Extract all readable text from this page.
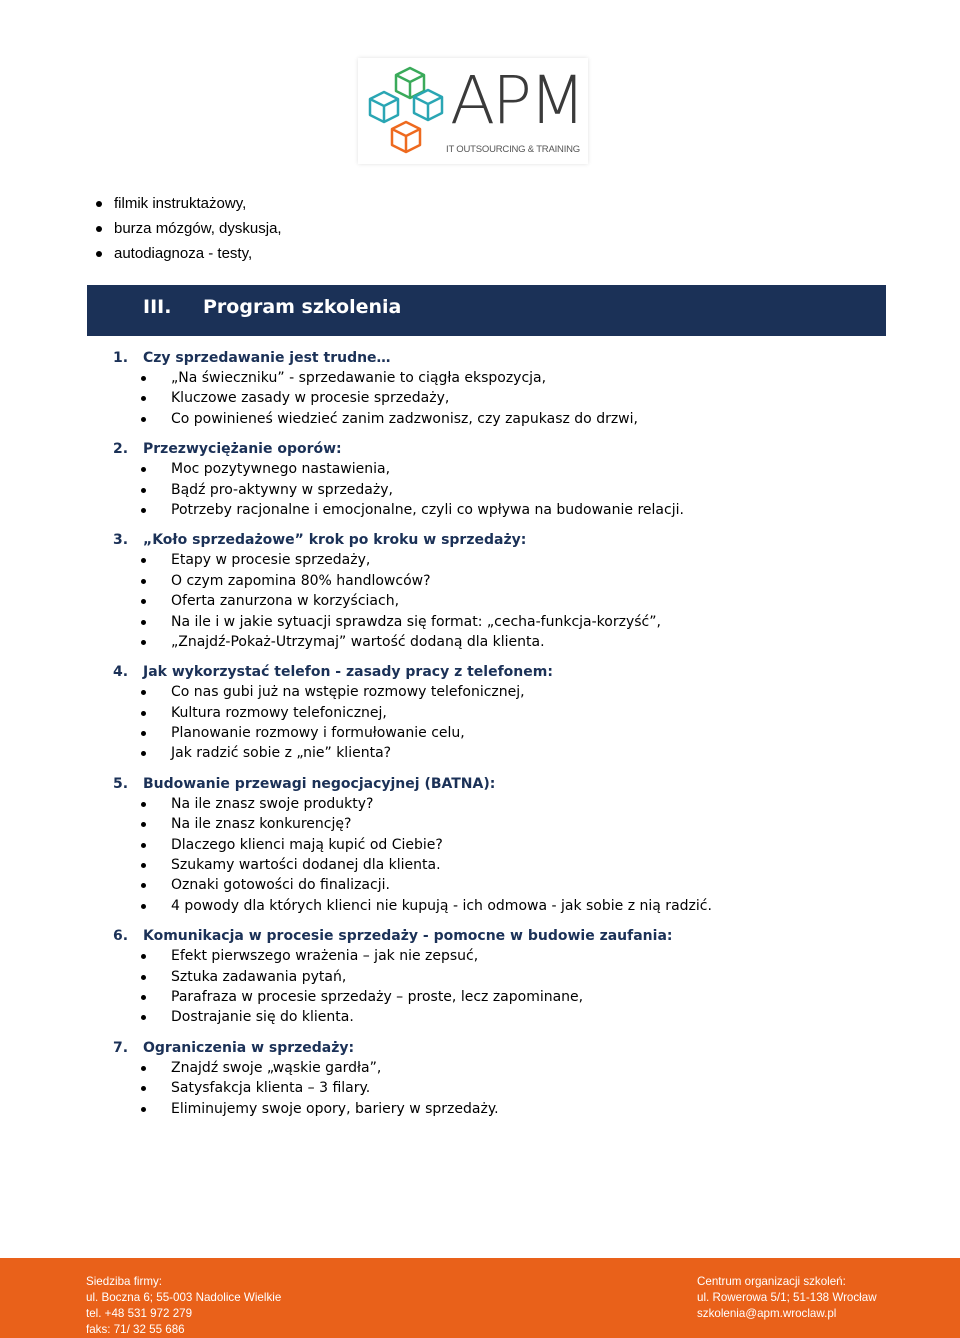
APM
IT OUTSOURCING & TRAINING
filmik instruktażowy,
burza mózgów, dyskusja,
autodiagnoza - testy,
III. Program szkolenia
1. Czy sprzedawanie jest trudne…
„Na świeczniku” - sprzedawanie to ciągła ekspozycja,
Kluczowe zasady w procesie sprzedaży,
Co powinieneś wiedzieć zanim zadzwonisz, czy zapukasz do drzwi,
2. Przezwyciężanie oporów:
Moc pozytywnego nastawienia,
Bądź pro-aktywny w sprzedaży,
Potrzeby racjonalne i emocjonalne, czyli co wpływa na budowanie relacji.
3. „Koło sprzedażowe” krok po kroku w sprzedaży:
Etapy w procesie sprzedaży,
O czym zapomina 80% handlowców?
Oferta zanurzona w korzyściach,
Na ile i w jakie sytuacji sprawdza się format: „cecha-funkcja-korzyść”,
„Znajdź-Pokaż-Utrzymaj” wartość dodaną dla klienta.
4. Jak wykorzystać telefon - zasady pracy z telefonem:
Co nas gubi już na wstępie rozmowy telefonicznej,
Kultura rozmowy telefonicznej,
Planowanie rozmowy i formułowanie celu,
Jak radzić sobie z „nie” klienta?
5. Budowanie przewagi negocjacyjnej (BATNA):
Na ile znasz swoje produkty?
Na ile znasz konkurencję?
Dlaczego klienci mają kupić od Ciebie?
Szukamy wartości dodanej dla klienta.
Oznaki gotowości do finalizacji.
4 powody dla których klienci nie kupują - ich odmowa - jak sobie z nią radzić.
6. Komunikacja w procesie sprzedaży - pomocne w budowie zaufania:
Efekt pierwszego wrażenia – jak nie zepsuć,
Sztuka zadawania pytań,
Parafraza w procesie sprzedaży – proste, lecz zapominane,
Dostrajanie się do klienta.
7. Ograniczenia w sprzedaży:
Znajdź swoje „wąskie gardła”,
Satysfakcja klienta – 3 filary.
Eliminujemy swoje opory, bariery w sprzedaży.
Siedziba firmy:
ul. Boczna 6; 55-003 Nadolice Wielkie
tel. +48 531 972 279
faks: 71/ 32 55 686
Centrum organizacji szkoleń:
ul. Rowerowa 5/1; 51-138 Wrocław
szkolenia@apm.wroclaw.pl
